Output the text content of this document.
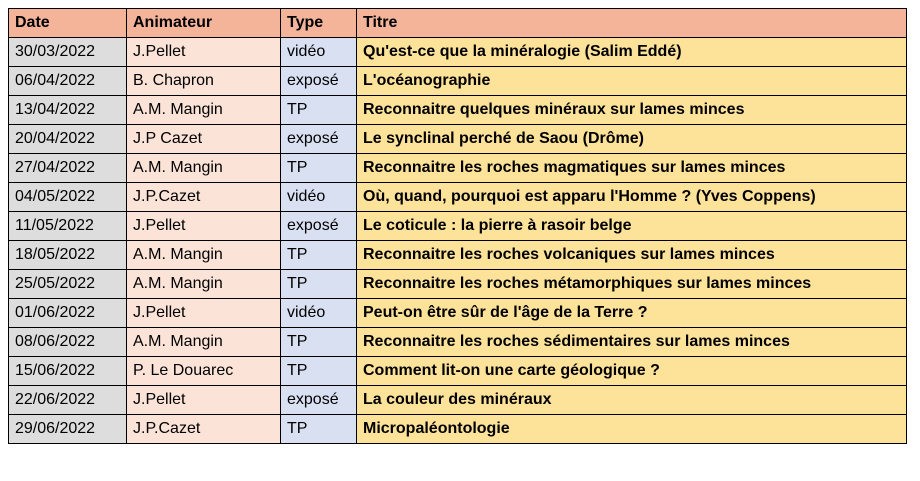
Date	Animateur	Type	Titre
30/03/2022	J.Pellet	vidéo	Qu'est-ce que la minéralogie (Salim Eddé)
06/04/2022	B. Chapron	exposé	L'océanographie
13/04/2022	A.M. Mangin	TP	Reconnaitre quelques minéraux sur lames minces
20/04/2022	J.P Cazet	exposé	Le synclinal perché de Saou (Drôme)
27/04/2022	A.M. Mangin	TP	Reconnaitre les roches magmatiques sur lames minces
04/05/2022	J.P.Cazet	vidéo	Où, quand, pourquoi est apparu l'Homme ? (Yves Coppens)
11/05/2022	J.Pellet	exposé	Le coticule : la pierre à rasoir belge
18/05/2022	A.M. Mangin	TP	Reconnaitre les roches volcaniques sur lames minces
25/05/2022	A.M. Mangin	TP	Reconnaitre les roches métamorphiques sur lames minces
01/06/2022	J.Pellet	vidéo	Peut-on être sûr de l'âge de la Terre ?
08/06/2022	A.M. Mangin	TP	Reconnaitre les roches sédimentaires sur lames minces
15/06/2022	P. Le Douarec	TP	Comment lit-on une carte géologique ?
22/06/2022	J.Pellet	exposé	La couleur des minéraux
29/06/2022	J.P.Cazet	TP	Micropaléontologie
